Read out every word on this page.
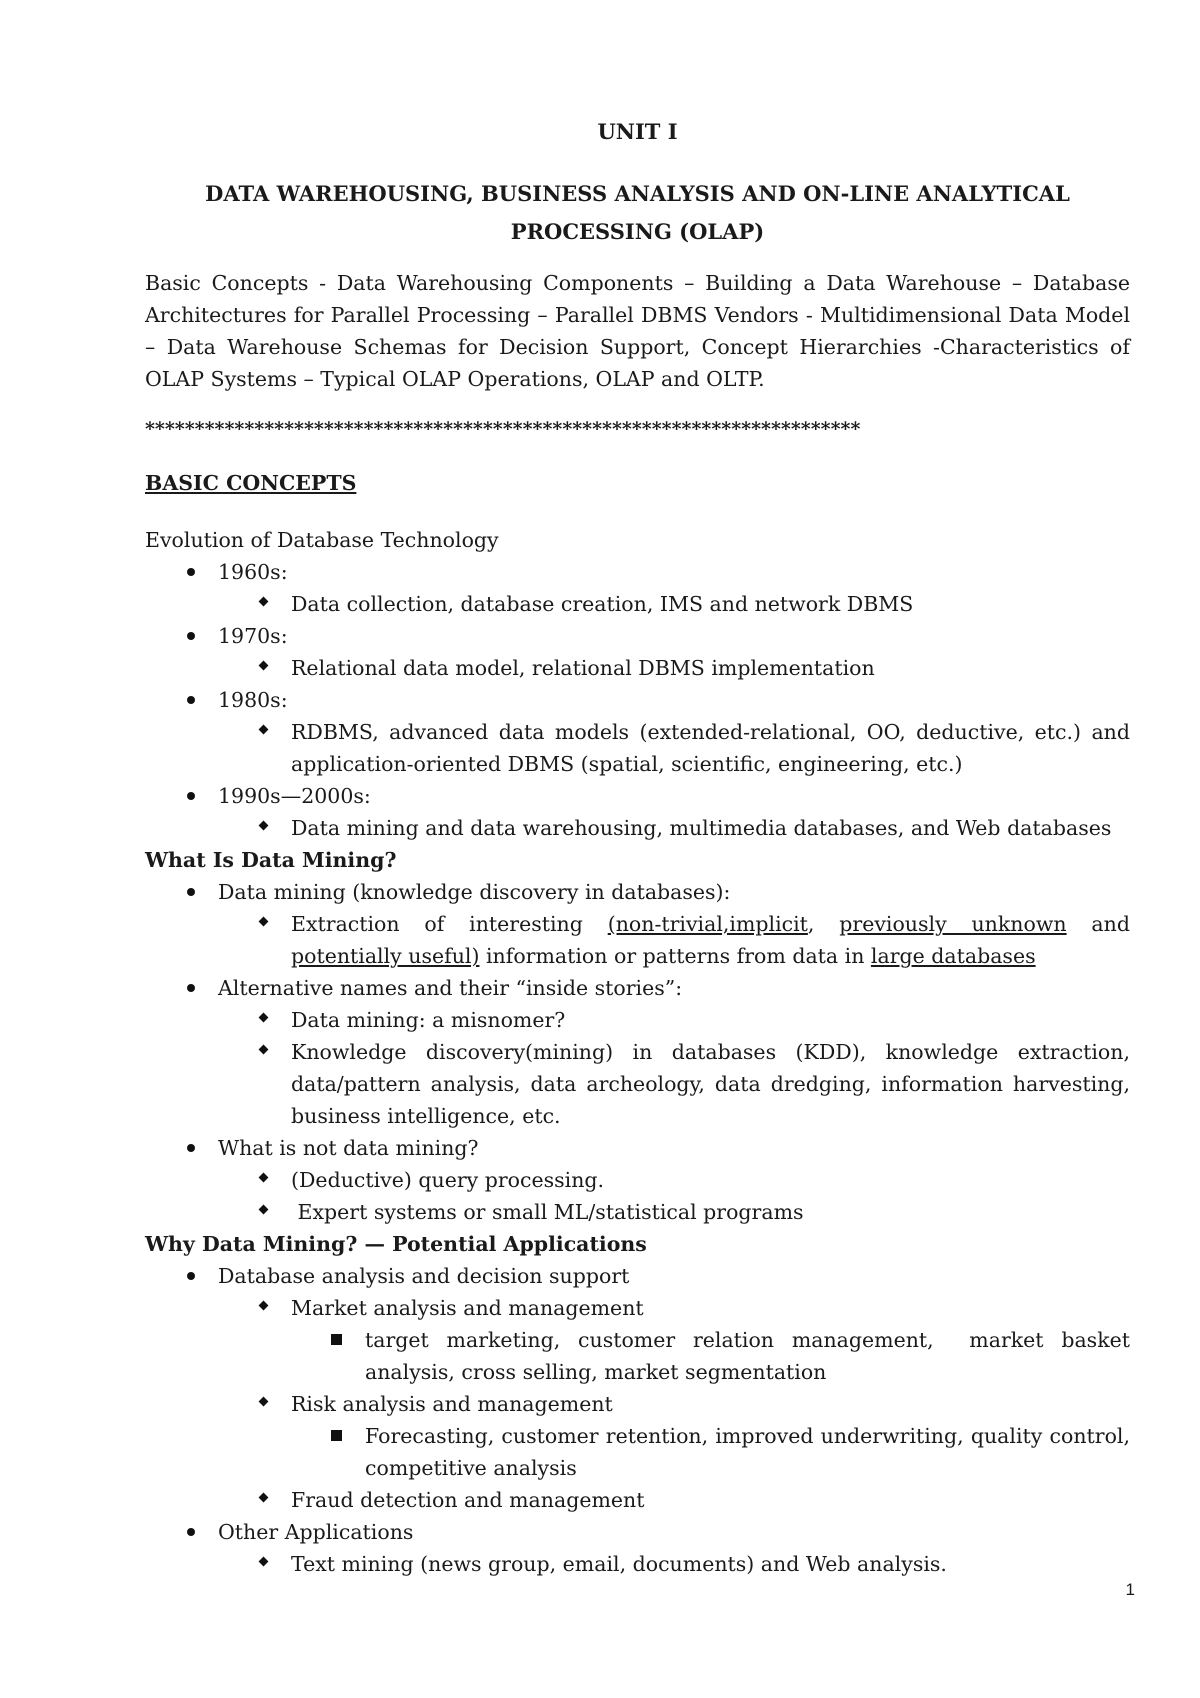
UNIT I
DATA WAREHOUSING, BUSINESS ANALYSIS AND ON-LINE ANALYTICAL
PROCESSING (OLAP)
Basic Concepts - Data Warehousing Components – Building a Data Warehouse – Database Architectures for Parallel Processing – Parallel DBMS Vendors - Multidimensional Data Model – Data Warehouse Schemas for Decision Support, Concept Hierarchies -Characteristics of OLAP Systems – Typical OLAP Operations, OLAP and OLTP.
************************************************************************
BASIC CONCEPTS
Evolution of Database Technology
1960s:
Data collection, database creation, IMS and network DBMS
1970s:
Relational data model, relational DBMS implementation
1980s:
RDBMS, advanced data models (extended-relational, OO, deductive, etc.) and application-oriented DBMS (spatial, scientific, engineering, etc.)
1990s—2000s:
Data mining and data warehousing, multimedia databases, and Web databases
What Is Data Mining?
Data mining (knowledge discovery in databases):
Extraction of interesting (non-trivial,implicit, previously unknown and potentially useful) information or patterns from data in large databases
Alternative names and their “inside stories”:
Data mining: a misnomer?
Knowledge discovery(mining) in databases (KDD), knowledge extraction, data/pattern analysis, data archeology, data dredging, information harvesting, business intelligence, etc.
What is not data mining?
(Deductive) query processing.
Expert systems or small ML/statistical programs
Why Data Mining? — Potential Applications
Database analysis and decision support
Market analysis and management
target marketing, customer relation management,  market basket analysis, cross selling, market segmentation
Risk analysis and management
Forecasting, customer retention, improved underwriting, quality control, competitive analysis
Fraud detection and management
Other Applications
Text mining (news group, email, documents) and Web analysis.
1
